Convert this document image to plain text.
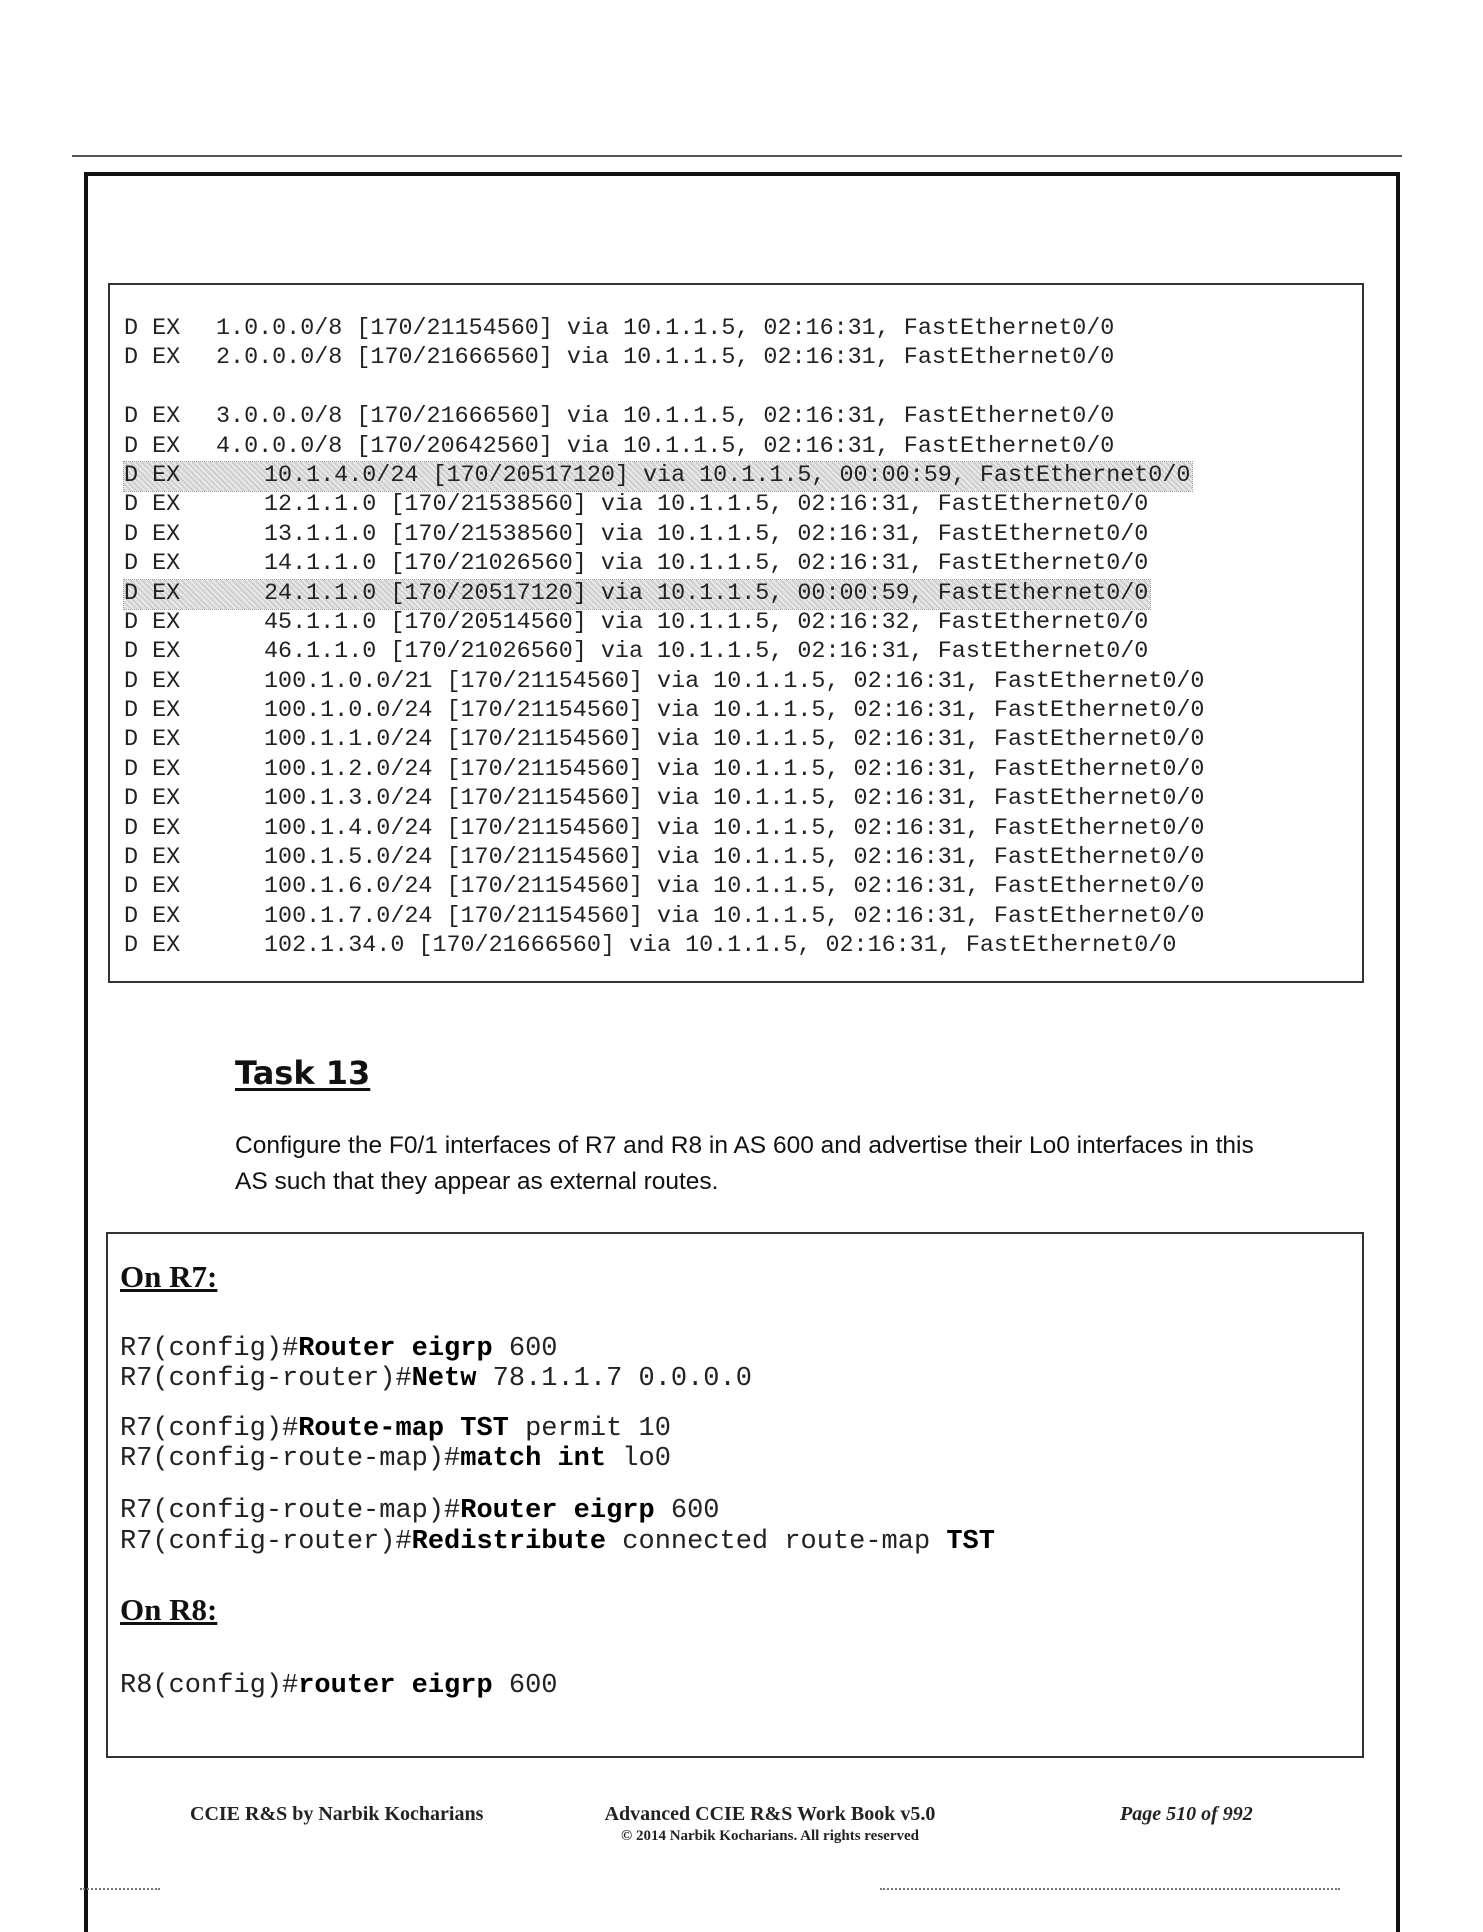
D EX	1.0.0.0/8 [170/21154560] via 10.1.1.5, 02:16:31, FastEthernet0/0
D EX	2.0.0.0/8 [170/21666560] via 10.1.1.5, 02:16:31, FastEthernet0/0
D EX	3.0.0.0/8 [170/21666560] via 10.1.1.5, 02:16:31, FastEthernet0/0
D EX	4.0.0.0/8 [170/20642560] via 10.1.1.5, 02:16:31, FastEthernet0/0
D EX	10.1.4.0/24 [170/20517120] via 10.1.1.5, 00:00:59, FastEthernet0/0
D EX	12.1.1.0 [170/21538560] via 10.1.1.5, 02:16:31, FastEthernet0/0
D EX	13.1.1.0 [170/21538560] via 10.1.1.5, 02:16:31, FastEthernet0/0
D EX	14.1.1.0 [170/21026560] via 10.1.1.5, 02:16:31, FastEthernet0/0
D EX	24.1.1.0 [170/20517120] via 10.1.1.5, 00:00:59, FastEthernet0/0
D EX	45.1.1.0 [170/20514560] via 10.1.1.5, 02:16:32, FastEthernet0/0
D EX	46.1.1.0 [170/21026560] via 10.1.1.5, 02:16:31, FastEthernet0/0
D EX	100.1.0.0/21 [170/21154560] via 10.1.1.5, 02:16:31, FastEthernet0/0
D EX	100.1.0.0/24 [170/21154560] via 10.1.1.5, 02:16:31, FastEthernet0/0
D EX	100.1.1.0/24 [170/21154560] via 10.1.1.5, 02:16:31, FastEthernet0/0
D EX	100.1.2.0/24 [170/21154560] via 10.1.1.5, 02:16:31, FastEthernet0/0
D EX	100.1.3.0/24 [170/21154560] via 10.1.1.5, 02:16:31, FastEthernet0/0
D EX	100.1.4.0/24 [170/21154560] via 10.1.1.5, 02:16:31, FastEthernet0/0
D EX	100.1.5.0/24 [170/21154560] via 10.1.1.5, 02:16:31, FastEthernet0/0
D EX	100.1.6.0/24 [170/21154560] via 10.1.1.5, 02:16:31, FastEthernet0/0
D EX	100.1.7.0/24 [170/21154560] via 10.1.1.5, 02:16:31, FastEthernet0/0
D EX	102.1.34.0 [170/21666560] via 10.1.1.5, 02:16:31, FastEthernet0/0
Task 13
Configure the F0/1 interfaces of R7 and R8 in AS 600 and advertise their Lo0 interfaces in this AS such that they appear as external routes.
On R7:
R7(config)#Router eigrp 600
R7(config-router)#Netw 78.1.1.7 0.0.0.0
R7(config)#Route-map TST permit 10
R7(config-route-map)#match int lo0
R7(config-route-map)#Router eigrp 600
R7(config-router)#Redistribute connected route-map TST
On R8:
R8(config)#router eigrp 600
CCIE R&S by Narbik Kocharians	Advanced CCIE R&S Work Book v5.0
© 2014 Narbik Kocharians. All rights reserved
Page 510 of 992
